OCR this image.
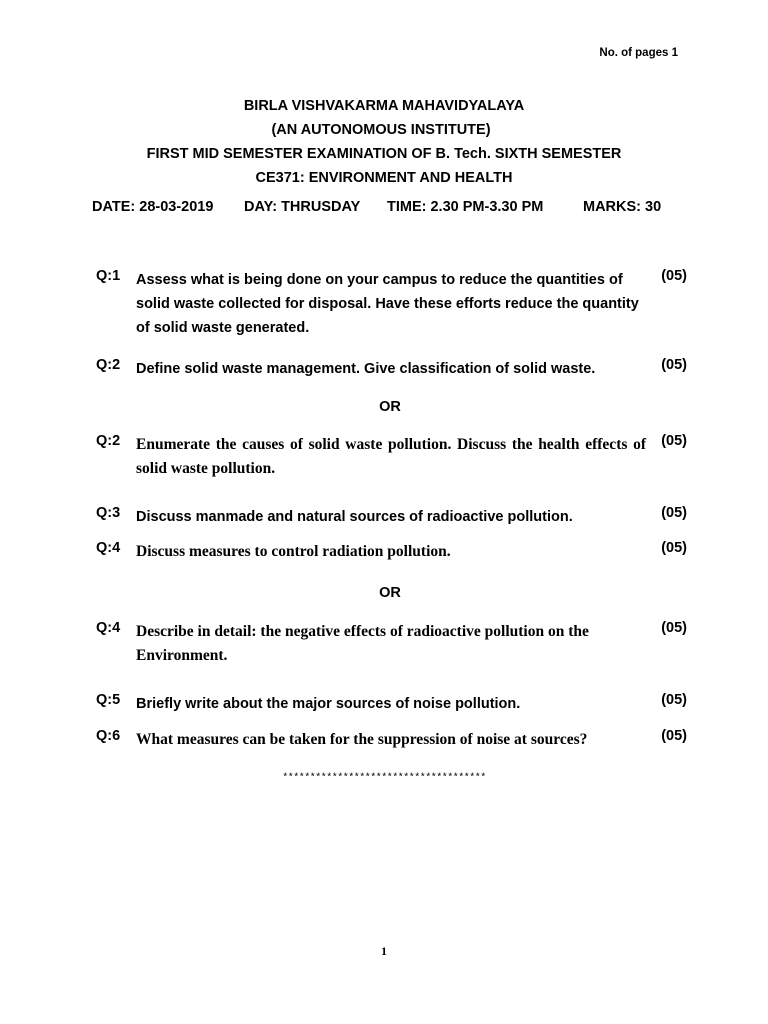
No. of pages 1
BIRLA VISHVAKARMA MAHAVIDYALAYA
(AN AUTONOMOUS INSTITUTE)
FIRST MID SEMESTER EXAMINATION OF B. Tech. SIXTH SEMESTER
CE371: ENVIRONMENT AND HEALTH
DATE: 28-03-2019 DAY: THRUSDAY TIME: 2.30 PM-3.30 PM	MARKS: 30
Q:1 Assess what is being done on your campus to reduce the quantities of solid waste collected for disposal. Have these efforts reduce the quantity of solid waste generated.
(05)
Q:2 Define solid waste management. Give classification of solid waste.	(05)
OR
Q:2 Enumerate the causes of solid waste pollution. Discuss the health effects of solid waste pollution.
(05)
Q:3 Discuss manmade and natural sources of radioactive pollution.	(05)
Q:4 Discuss measures to control radiation pollution.	(05)
OR
Q:4 Describe in detail: the negative effects of radioactive pollution on the Environment.
(05)
Q:5 Briefly write about the major sources of noise pollution.	(05)
Q:6 What measures can be taken for the suppression of noise at sources?	(05)
*************************************
1
